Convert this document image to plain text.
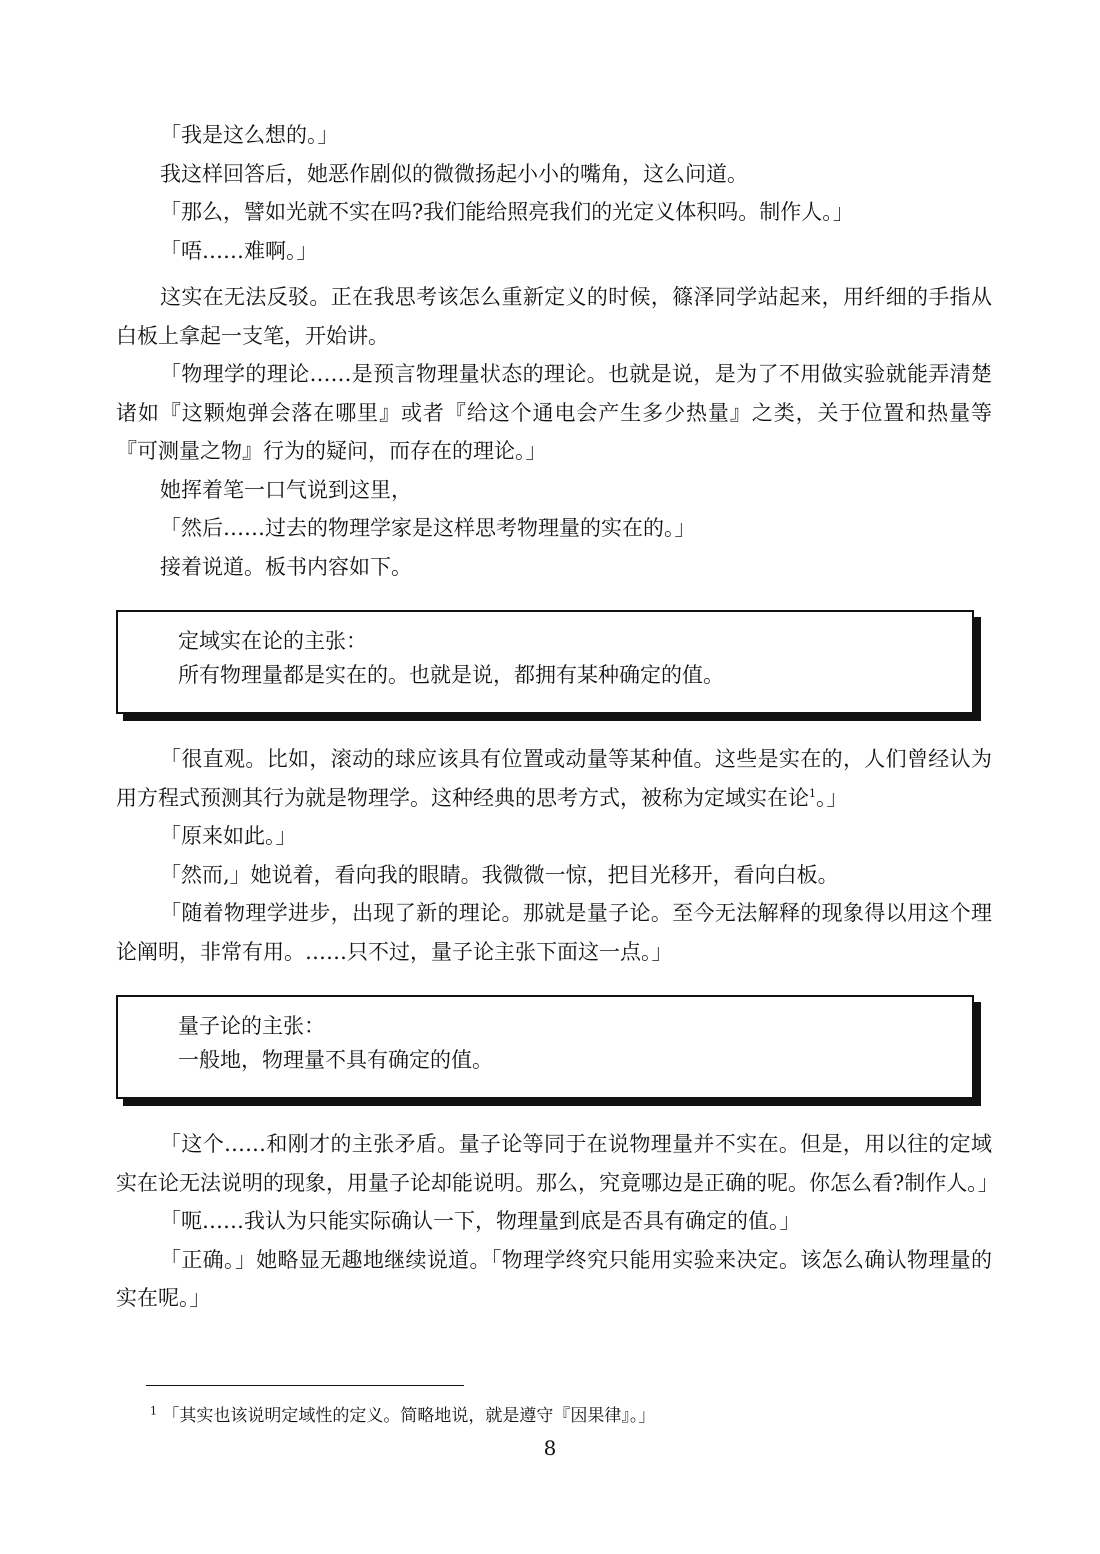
「我是这么想的。」

我这样回答后，她恶作剧似的微微扬起小小的嘴角，这么问道。

「那么，譬如光就不实在吗?我们能给照亮我们的光定义体积吗。制作人。」

「唔……难啊。」

这实在无法反驳。正在我思考该怎么重新定义的时候，篠泽同学站起来，用纤细的手指从白板上拿起一支笔，开始讲。

「物理学的理论……是预言物理量状态的理论。也就是说，是为了不用做实验就能弄清楚诸如『这颗炮弹会落在哪里』或者『给这个通电会产生多少热量』之类，关于位置和热量等『可测量之物』行为的疑问，而存在的理论。」

她挥着笔一口气说到这里，

「然后……过去的物理学家是这样思考物理量的实在的。」

接着说道。板书内容如下。

定域实在论的主张：

所有物理量都是实在的。也就是说，都拥有某种确定的值。

「很直观。比如，滚动的球应该具有位置或动量等某种值。这些是实在的，人们曾经认为用方程式预测其行为就是物理学。这种经典的思考方式，被称为定域实在论$^1$。」

「原来如此。」

「然而,」她说着，看向我的眼睛。我微微一惊，把目光移开，看向白板。

「随着物理学进步，出现了新的理论。那就是量子论。至今无法解释的现象得以用这个理论阐明，非常有用。……只不过，量子论主张下面这一点。」

量子论的主张：

一般地，物理量不具有确定的值。

「这个……和刚才的主张矛盾。量子论等同于在说物理量并不实在。但是，用以往的定域实在论无法说明的现象，用量子论却能说明。那么，究竟哪边是正确的呢。你怎么看?制作人。」

「呃……我认为只能实际确认一下，物理量到底是否具有确定的值。」

「正确。」她略显无趣地继续说道。「物理学终究只能用实验来决定。该怎么确认物理量的实在呢。」

$^1$ 「其实也该说明定域性的定义。简略地说，就是遵守『因果律』。」
8
